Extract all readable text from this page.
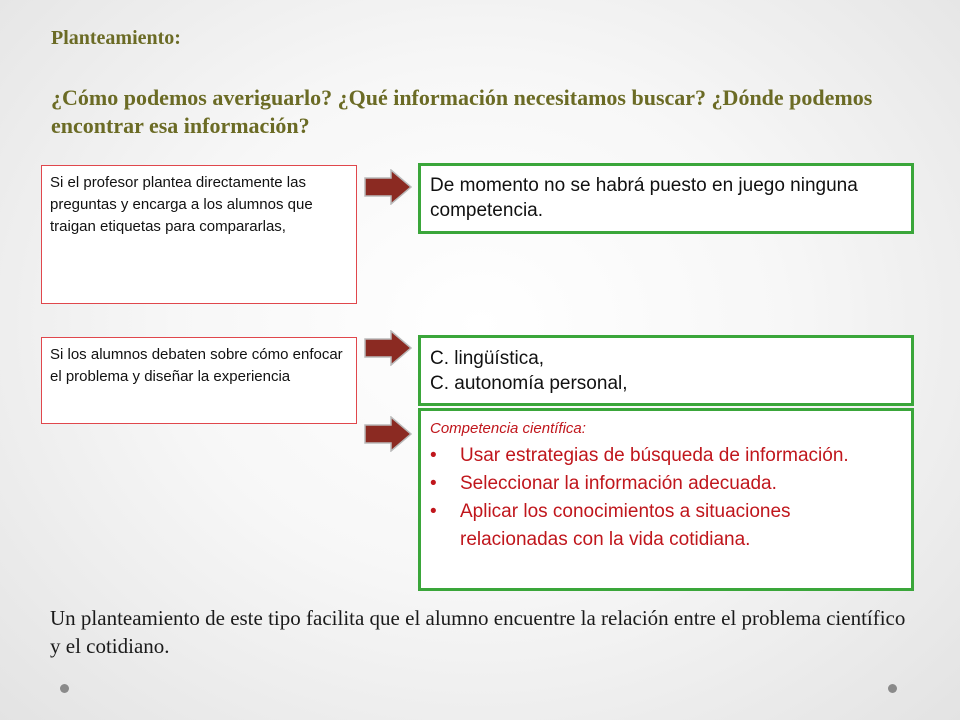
Planteamiento:
¿Cómo podemos averiguarlo? ¿Qué información necesitamos buscar? ¿Dónde podemos encontrar esa información?
Si el profesor plantea directamente las preguntas y encarga a los alumnos que traigan etiquetas para compararlas,
De momento no se habrá puesto en juego ninguna competencia.
Si los alumnos debaten sobre cómo enfocar el problema y diseñar la experiencia
C. lingüística,
C. autonomía personal,
Competencia científica:
• Usar estrategias de búsqueda de información.
• Seleccionar la información adecuada.
• Aplicar los conocimientos a situaciones relacionadas con la vida cotidiana.
Un planteamiento de este tipo facilita que el alumno encuentre la relación entre el problema científico y el cotidiano.
